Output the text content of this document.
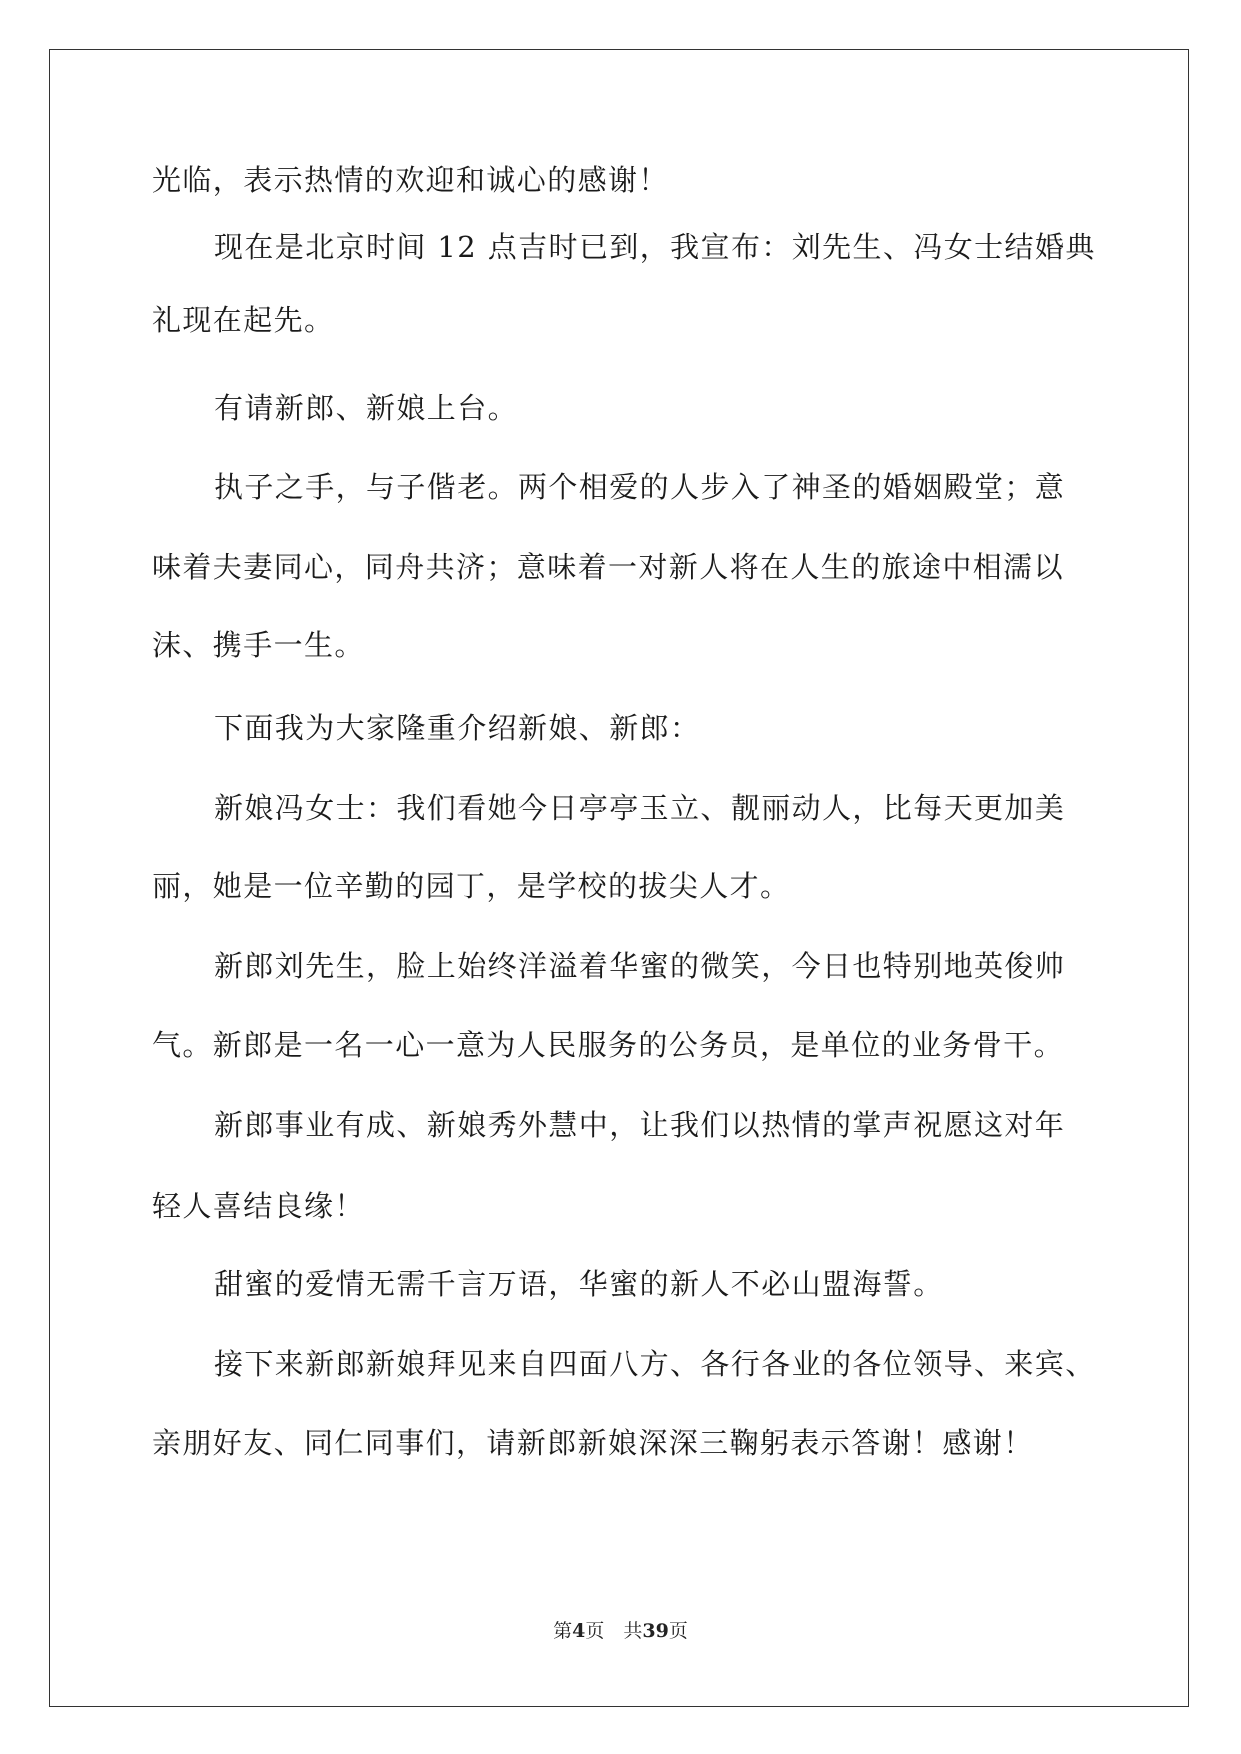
光临，表示热情的欢迎和诚心的感谢！
现在是北京时间 12 点吉时已到，我宣布：刘先生、冯女士结婚典
礼现在起先。
有请新郎、新娘上台。
执子之手，与子偕老。两个相爱的人步入了神圣的婚姻殿堂；意
味着夫妻同心，同舟共济；意味着一对新人将在人生的旅途中相濡以
沫、携手一生。
下面我为大家隆重介绍新娘、新郎：
新娘冯女士：我们看她今日亭亭玉立、靓丽动人，比每天更加美
丽，她是一位辛勤的园丁，是学校的拔尖人才。
新郎刘先生，脸上始终洋溢着华蜜的微笑，今日也特别地英俊帅
气。新郎是一名一心一意为人民服务的公务员，是单位的业务骨干。
新郎事业有成、新娘秀外慧中，让我们以热情的掌声祝愿这对年
轻人喜结良缘！
甜蜜的爱情无需千言万语，华蜜的新人不必山盟海誓。
接下来新郎新娘拜见来自四面八方、各行各业的各位领导、来宾、
亲朋好友、同仁同事们，请新郎新娘深深三鞠躬表示答谢！感谢！
第4页　共39页
